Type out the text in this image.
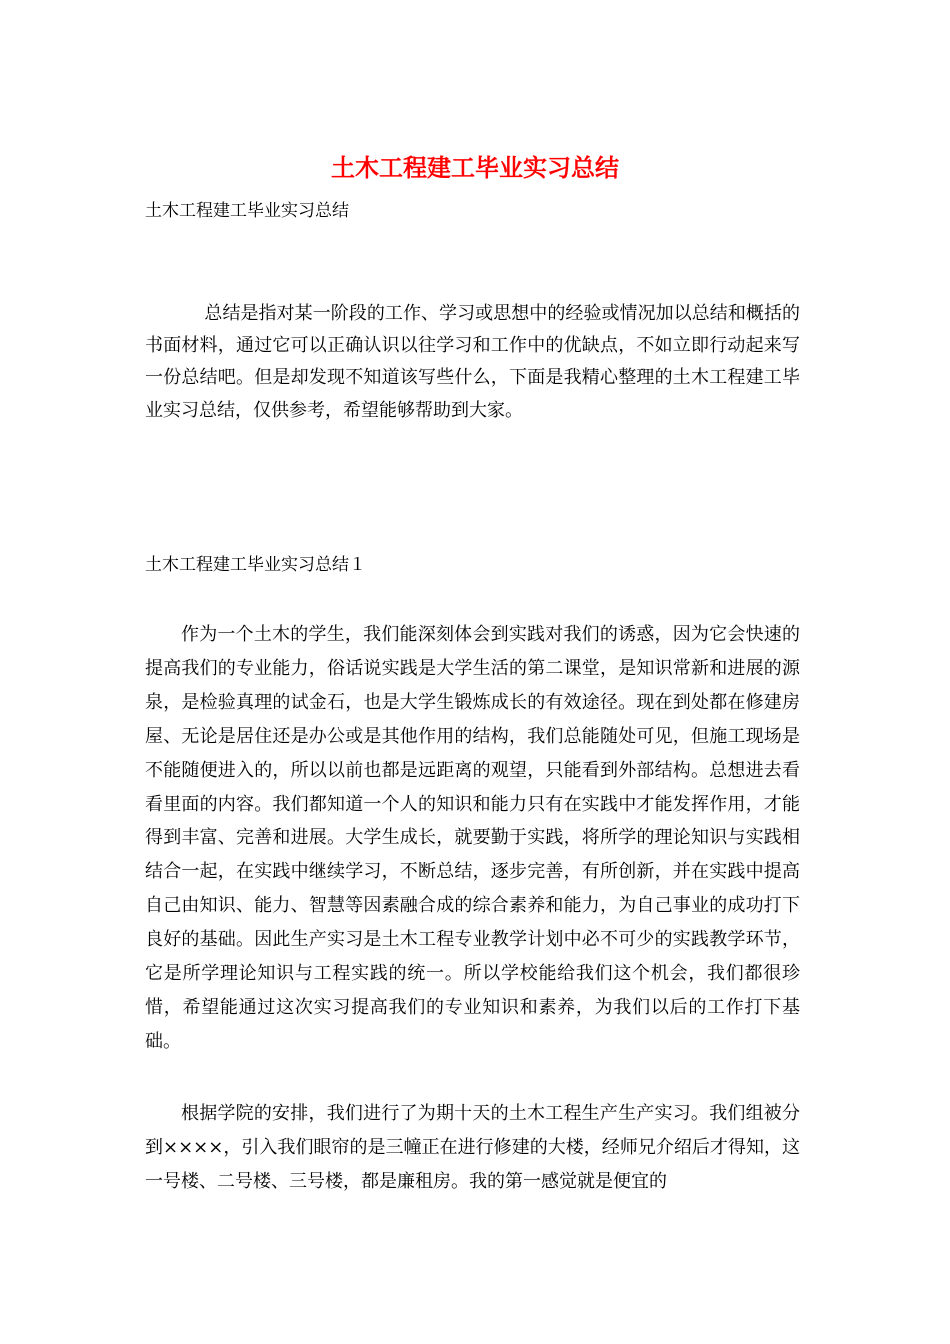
土木工程建工毕业实习总结
土木工程建工毕业实习总结

总结是指对某一阶段的工作、学习或思想中的经验或情况加以总结和概括的书面材料，通过它可以正确认识以往学习和工作中的优缺点，不如立即行动起来写一份总结吧。但是却发现不知道该写些什么，下面是我精心整理的土木工程建工毕业实习总结，仅供参考，希望能够帮助到大家。

土木工程建工毕业实习总结１

作为一个土木的学生，我们能深刻体会到实践对我们的诱惑，因为它会快速的提高我们的专业能力，俗话说实践是大学生活的第二课堂，是知识常新和进展的源泉，是检验真理的试金石，也是大学生锻炼成长的有效途径。现在到处都在修建房屋、无论是居住还是办公或是其他作用的结构，我们总能随处可见，但施工现场是不能随便进入的，所以以前也都是远距离的观望，只能看到外部结构。总想进去看看里面的内容。我们都知道一个人的知识和能力只有在实践中才能发挥作用，才能得到丰富、完善和进展。大学生成长，就要勤于实践，将所学的理论知识与实践相结合一起，在实践中继续学习，不断总结，逐步完善，有所创新，并在实践中提高自己由知识、能力、智慧等因素融合成的综合素养和能力，为自己事业的成功打下良好的基础。因此生产实习是土木工程专业教学计划中必不可少的实践教学环节，它是所学理论知识与工程实践的统一。所以学校能给我们这个机会，我们都很珍惜，希望能通过这次实习提高我们的专业知识和素养，为我们以后的工作打下基础。

根据学院的安排，我们进行了为期十天的土木工程生产生产实习。我们组被分到××××，引入我们眼帘的是三幢正在进行修建的大楼，经师兄介绍后才得知，这一号楼、二号楼、三号楼，都是廉租房。我的第一感觉就是便宜的
